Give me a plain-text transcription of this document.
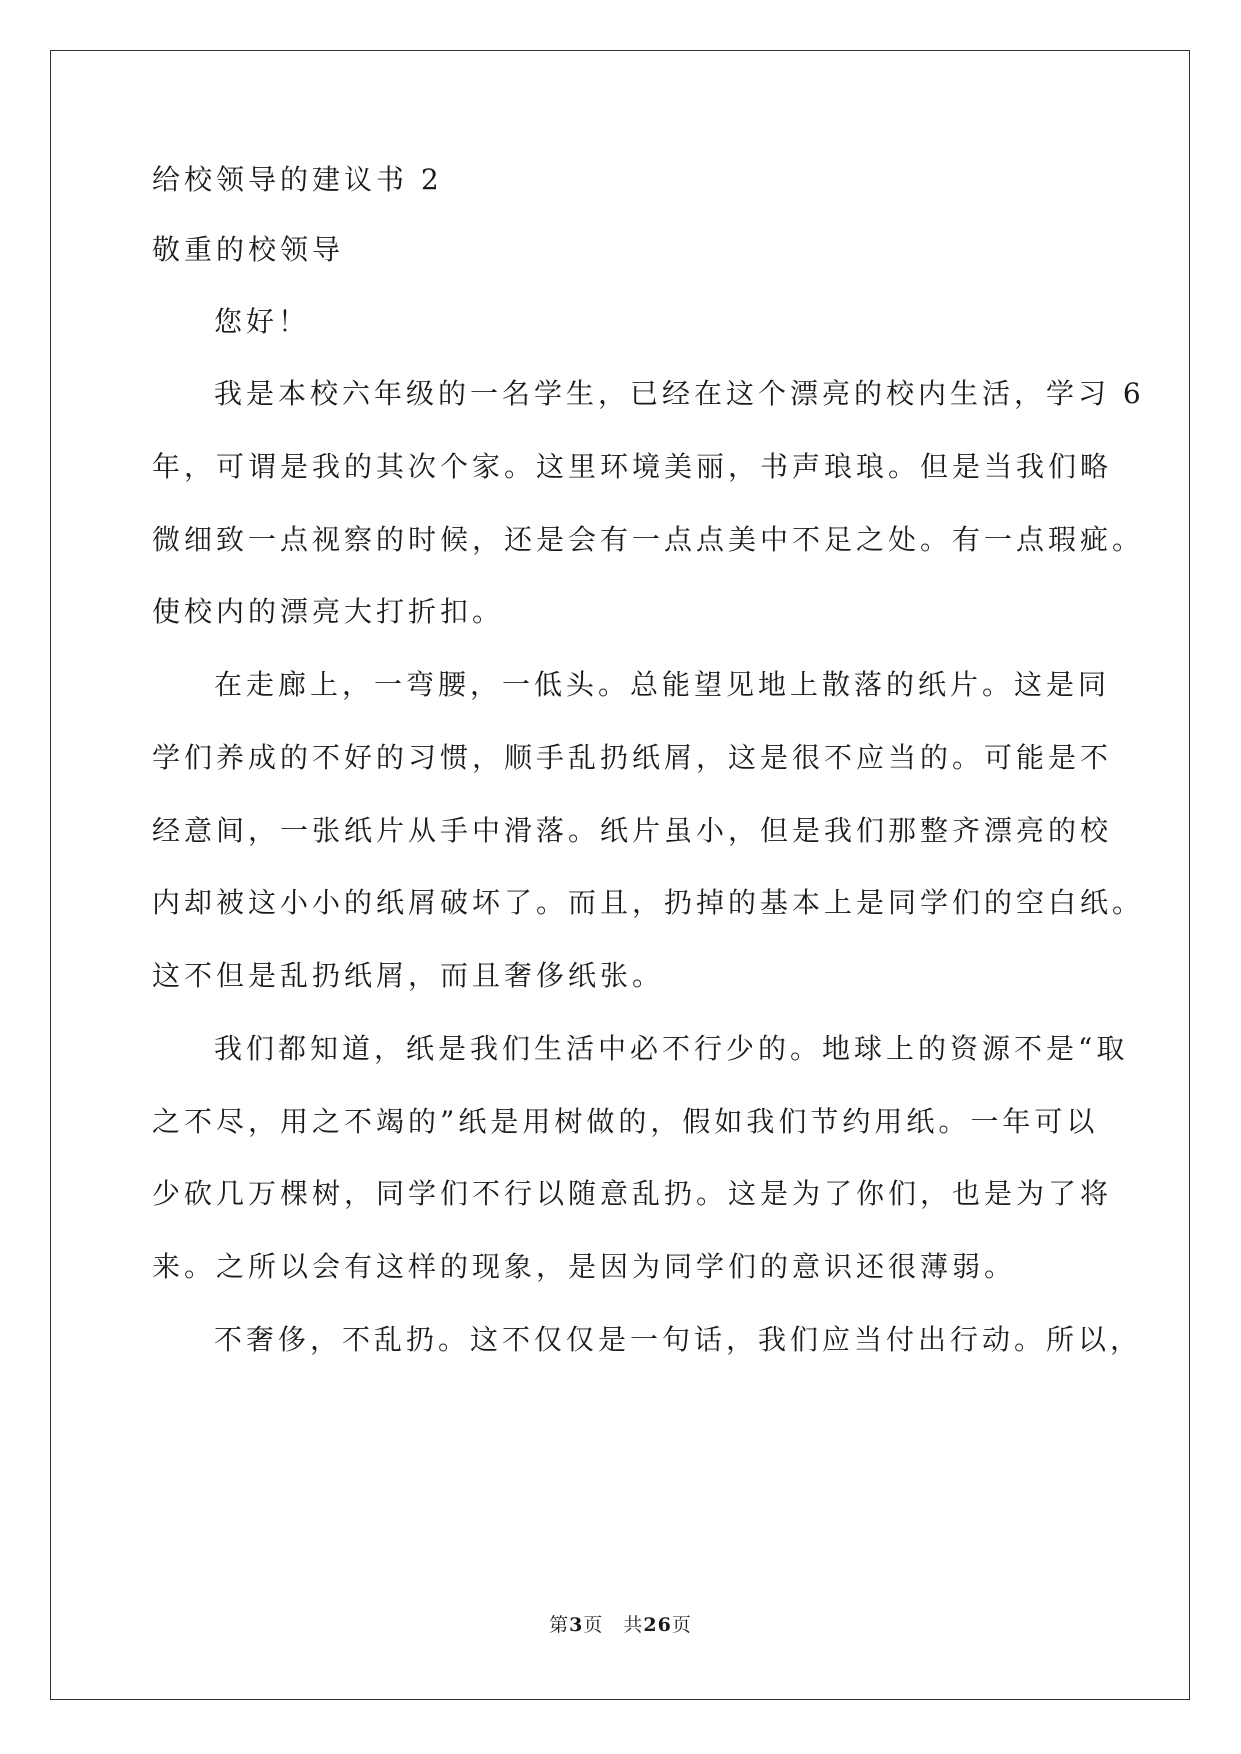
给校领导的建议书 2
敬重的校领导
您好！
我是本校六年级的一名学生，已经在这个漂亮的校内生活，学习 6
年，可谓是我的其次个家。这里环境美丽，书声琅琅。但是当我们略
微细致一点视察的时候，还是会有一点点美中不足之处。有一点瑕疵。
使校内的漂亮大打折扣。
在走廊上，一弯腰，一低头。总能望见地上散落的纸片。这是同
学们养成的不好的习惯，顺手乱扔纸屑，这是很不应当的。可能是不
经意间，一张纸片从手中滑落。纸片虽小，但是我们那整齐漂亮的校
内却被这小小的纸屑破坏了。而且，扔掉的基本上是同学们的空白纸。
这不但是乱扔纸屑，而且奢侈纸张。
我们都知道，纸是我们生活中必不行少的。地球上的资源不是“取
之不尽，用之不竭的”纸是用树做的，假如我们节约用纸。一年可以
少砍几万棵树，同学们不行以随意乱扔。这是为了你们，也是为了将
来。之所以会有这样的现象，是因为同学们的意识还很薄弱。
不奢侈，不乱扔。这不仅仅是一句话，我们应当付出行动。所以，
第3页　共26页
